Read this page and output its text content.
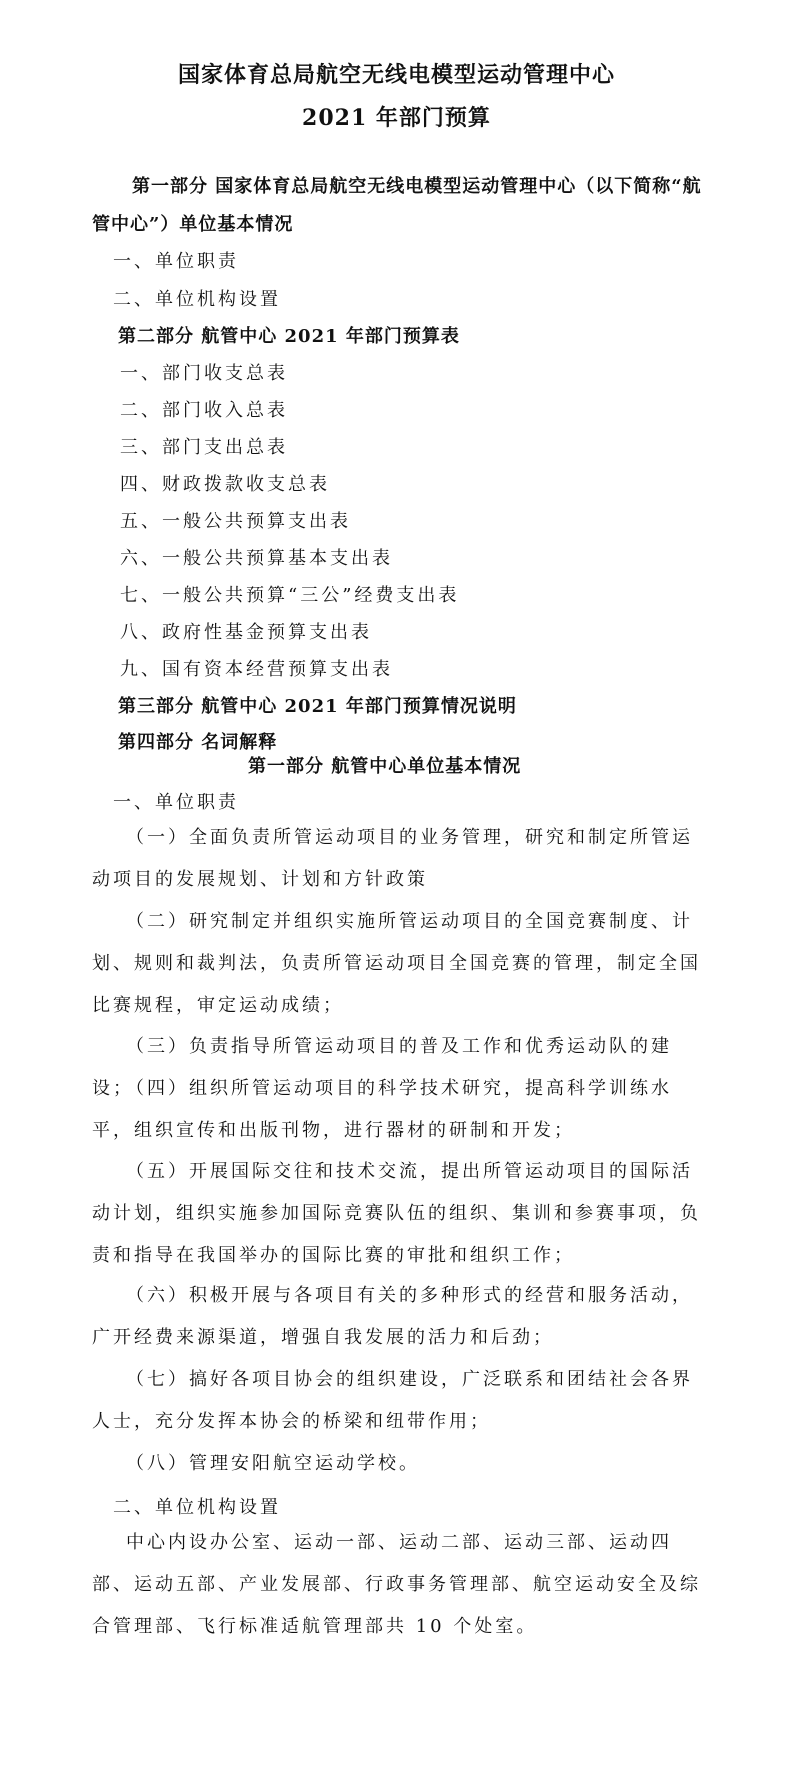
国家体育总局航空无线电模型运动管理中心
2021 年部门预算
第一部分 国家体育总局航空无线电模型运动管理中心（以下简称“航
管中心”）单位基本情况
一、单位职责
二、单位机构设置
第二部分 航管中心 2021 年部门预算表
一、部门收支总表
二、部门收入总表
三、部门支出总表
四、财政拨款收支总表
五、一般公共预算支出表
六、一般公共预算基本支出表
七、一般公共预算“三公”经费支出表
八、政府性基金预算支出表
九、国有资本经营预算支出表
第三部分 航管中心 2021 年部门预算情况说明
第四部分 名词解释
第一部分 航管中心单位基本情况
一、单位职责
（一）全面负责所管运动项目的业务管理，研究和制定所管运动项目的发展规划、计划和方针政策
（二）研究制定并组织实施所管运动项目的全国竞赛制度、计划、规则和裁判法，负责所管运动项目全国竞赛的管理，制定全国比赛规程，审定运动成绩；
（三）负责指导所管运动项目的普及工作和优秀运动队的建设；
（四）组织所管运动项目的科学技术研究，提高科学训练水平，组织宣传和出版刊物，进行器材的研制和开发；
（五）开展国际交往和技术交流，提出所管运动项目的国际活动计划，组织实施参加国际竞赛队伍的组织、集训和参赛事项，负责和指导在我国举办的国际比赛的审批和组织工作；
（六）积极开展与各项目有关的多种形式的经营和服务活动，广开经费来源渠道，增强自我发展的活力和后劲；
（七）搞好各项目协会的组织建设，广泛联系和团结社会各界人士，充分发挥本协会的桥梁和纽带作用；
（八）管理安阳航空运动学校。
二、单位机构设置
中心内设办公室、运动一部、运动二部、运动三部、运动四部、运动五部、产业发展部、行政事务管理部、航空运动安全及综合管理部、飞行标准适航管理部共 10 个处室。
